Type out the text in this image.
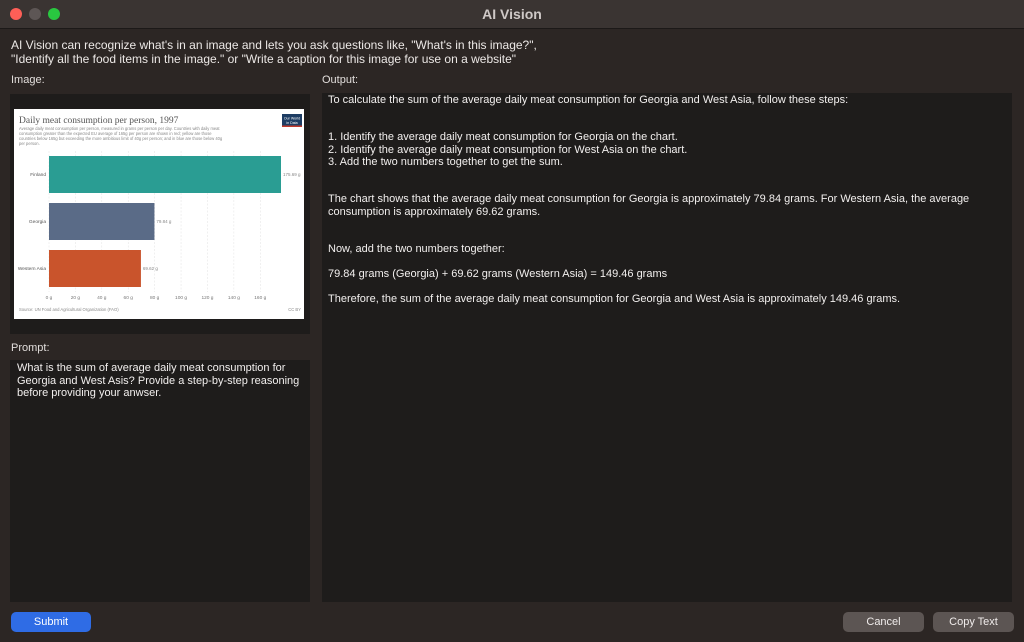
AI Vision
AI Vision can recognize what's in an image and lets you ask questions like, "What's in this image?",
"Identify all the food items in the image." or "Write a caption for this image for use on a website"
Image:	Output:
Prompt:
Daily meat consumption per person, 1997
Average daily meat consumption per person, measured in grams per person per day. Countries with daily meat
consumption greater than the expected EU average of 165g per person are shown in red; yellow are those
countries below 165g but exceeding the more ambitious limit of 40g per person; and in blue are those below 40g
per person.
Our World
in Data
Finland	175.69 g
Georgia	79.84 g
Western Asia	69.62 g
0 g	20 g	40 g	60 g	80 g	100 g	120 g	140 g	160 g
Source: UN Food and Agricultural Organization (FAO)	CC BY
What is the sum of average daily meat consumption for Georgia and West Asis? Provide a step-by-step reasoning before providing your anwser.
To calculate the sum of the average daily meat consumption for Georgia and West Asia, follow these steps:
1. Identify the average daily meat consumption for Georgia on the chart.
2. Identify the average daily meat consumption for West Asia on the chart.
3. Add the two numbers together to get the sum.
The chart shows that the average daily meat consumption for Georgia is approximately 79.84 grams. For Western Asia, the average
consumption is approximately 69.62 grams.
Now, add the two numbers together:
79.84 grams (Georgia) + 69.62 grams (Western Asia) = 149.46 grams
Therefore, the sum of the average daily meat consumption for Georgia and West Asia is approximately 149.46 grams.
Submit	Cancel	Copy Text
